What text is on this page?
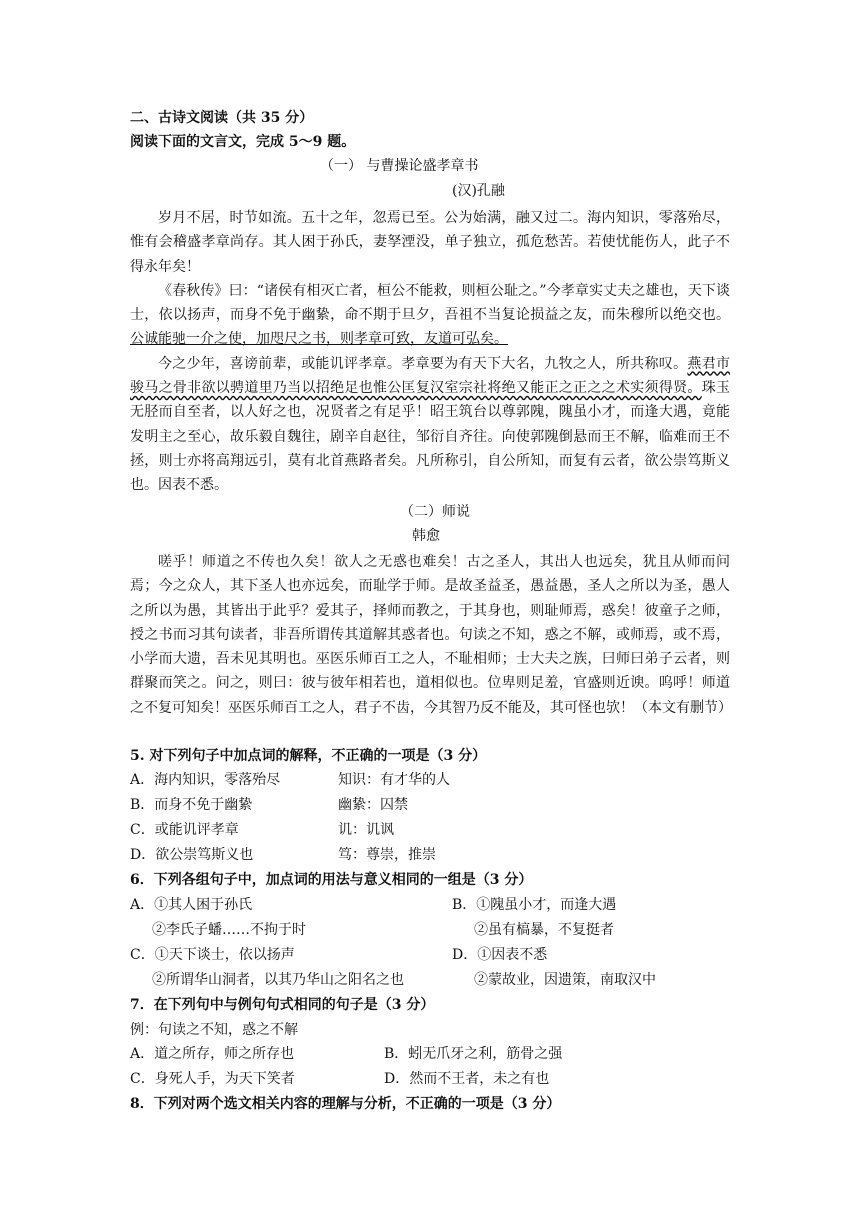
二、古诗文阅读（共 35 分）
阅读下面的文言文，完成 5～9 题。
（一） 与曹操论盛孝章书
(汉)孔融

岁月不居，时节如流。五十之年，忽焉已至。公为始满，融又过二。海内知识，零落殆尽，惟有会稽盛孝章尚存。其人困于孙氏，妻孥湮没，单子独立，孤危愁苦。若使忧能伤人，此子不得永年矣！

《春秋传》曰：“诸侯有相灭亡者，桓公不能救，则桓公耻之。”今孝章实丈夫之雄也，天下谈士，依以扬声，而身不免于幽絷，命不期于旦夕，吾祖不当复论损益之友，而朱穆所以绝交也。公诚能驰一介之使，加咫尺之书，则孝章可致，友道可弘矣。

今之少年，喜谤前辈，或能讥评孝章。孝章要为有天下大名，九牧之人，所共称叹。燕君市骏马之骨非欲以骋道里乃当以招绝足也惟公匡复汉室宗社将绝又能正之正之之术实须得贤。珠玉无胫而自至者，以人好之也，况贤者之有足乎！昭王筑台以尊郭隗，隗虽小才，而逢大遇，竟能发明主之至心，故乐毅自魏往，剧辛自赵往，邹衍自齐往。向使郭隗倒悬而王不解，临难而王不拯，则士亦将高翔远引，莫有北首燕路者矣。凡所称引，自公所知，而复有云者，欲公崇笃斯义也。因表不悉。

（二）师说
韩愈

嗟乎！师道之不传也久矣！欲人之无惑也难矣！古之圣人，其出人也远矣，犹且从师而问焉；今之众人，其下圣人也亦远矣，而耻学于师。是故圣益圣，愚益愚，圣人之所以为圣，愚人之所以为愚，其皆出于此乎？爱其子，择师而教之，于其身也，则耻师焉，惑矣！彼童子之师，授之书而习其句读者，非吾所谓传其道解其惑者也。句读之不知，惑之不解，或师焉，或不焉，小学而大遗，吾未见其明也。巫医乐师百工之人，不耻相师；士大夫之族，曰师曰弟子云者，则群聚而笑之。问之，则曰：彼与彼年相若也，道相似也。位卑则足羞，官盛则近谀。呜呼！师道之不复可知矣！巫医乐师百工之人，君子不齿，今其智乃反不能及，其可怪也欤！（本文有删节）

5. 对下列句子中加点词的解释，不正确的一项是（3 分）
A．海内知识，零落殆尽	知识：有才华的人
B．而身不免于幽絷	幽絷：囚禁
C．或能讥评孝章	讥：讥讽
D．欲公崇笃斯义也	笃：尊崇，推崇
6．下列各组句子中，加点词的用法与意义相同的一组是（3 分）
A．①其人困于孙氏	B．①隗虽小才，而逢大遇
②李氏子蟠……不拘于时	②虽有槁暴，不复挺者
C．①天下谈士，依以扬声	D．①因表不悉
②所谓华山洞者，以其乃华山之阳名之也	②蒙故业，因遗策，南取汉中
7．在下列句中与例句句式相同的句子是（3 分）
例：句读之不知，惑之不解
A．道之所存，师之所存也	B．蚓无爪牙之利，筋骨之强
C．身死人手，为天下笑者	D．然而不王者，未之有也
8．下列对两个选文相关内容的理解与分析，不正确的一项是（3 分）
